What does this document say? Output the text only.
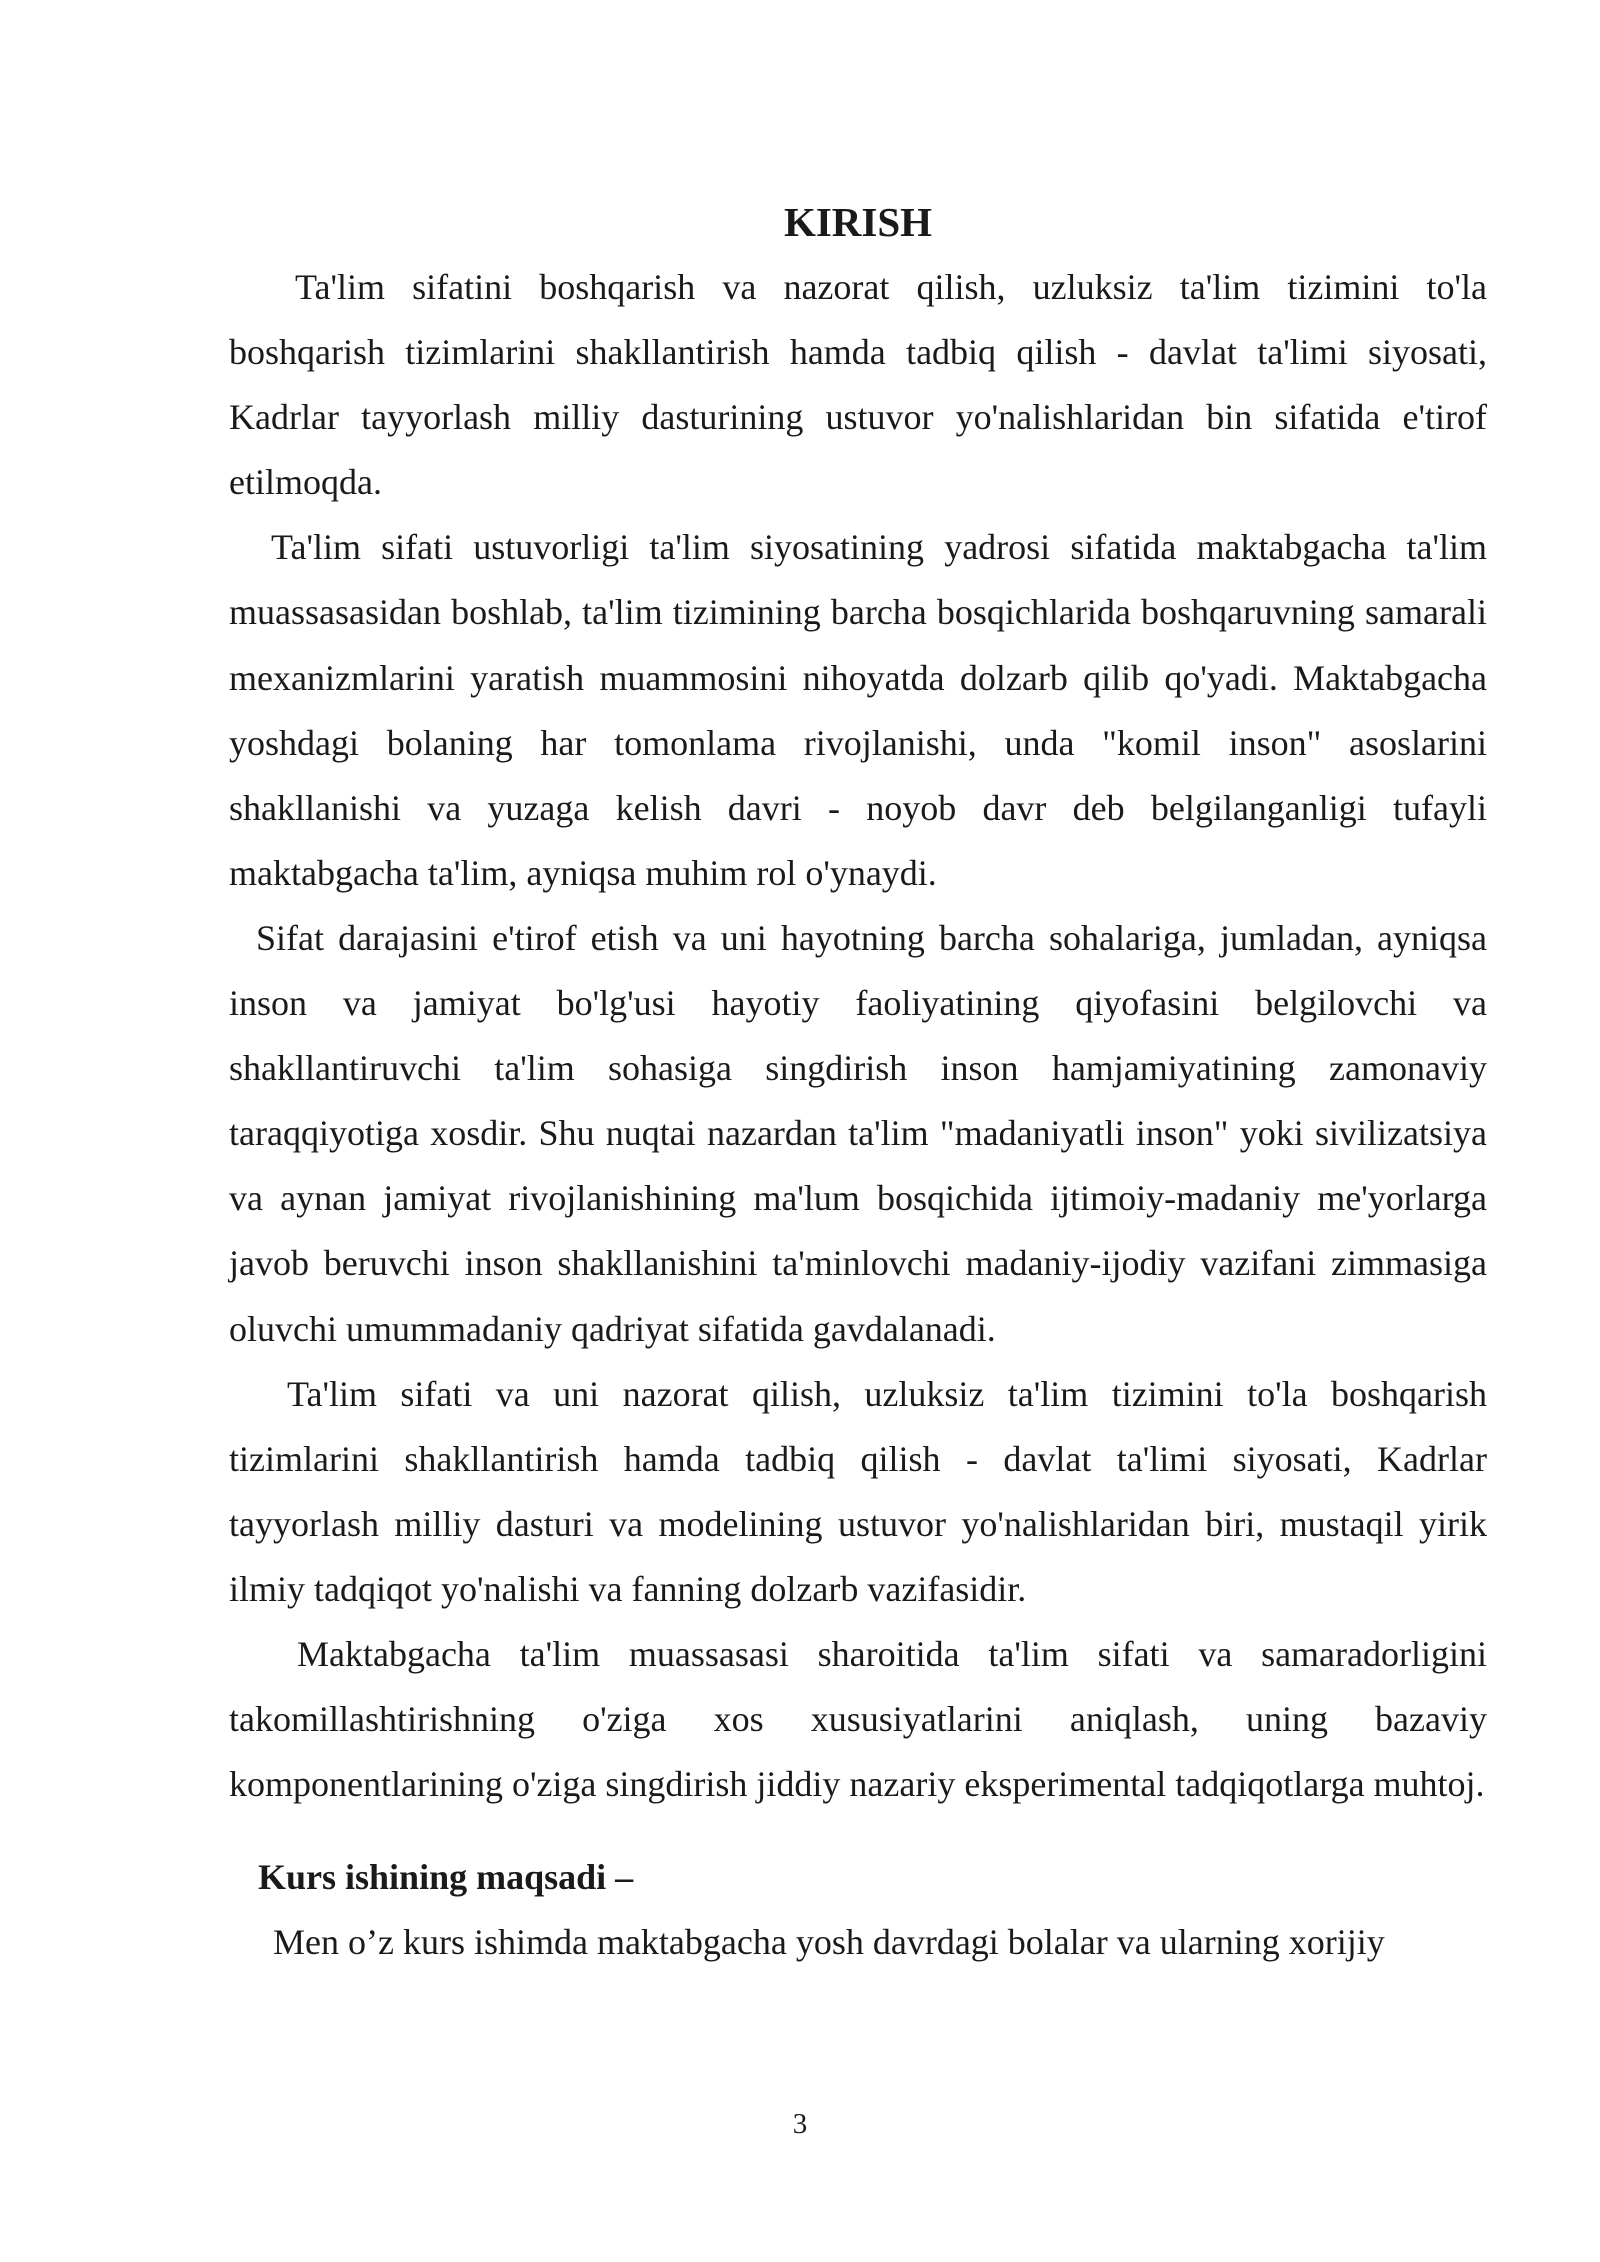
KIRISH

Ta'lim sifatini boshqarish va nazorat qilish, uzluksiz ta'lim tizimini to'la boshqarish tizimlarini shakllantirish hamda tadbiq qilish - davlat ta'limi siyosati, Kadrlar tayyorlash milliy dasturining ustuvor yo'nalishlaridan bin sifatida e'tirof etilmoqda.

Ta'lim sifati ustuvorligi ta'lim siyosatining yadrosi sifatida maktabgacha ta'lim muassasasidan boshlab, ta'lim tizimining barcha bosqichlarida boshqaruvning samarali mexanizmlarini yaratish muammosini nihoyatda dolzarb qilib qo'yadi. Maktabgacha yoshdagi bolaning har tomonlama rivojlanishi, unda "komil inson" asoslarini shakllanishi va yuzaga kelish davri - noyob davr deb belgilanganligi tufayli maktabgacha ta'lim, ayniqsa muhim rol o'ynaydi.

Sifat darajasini e'tirof etish va uni hayotning barcha sohalariga, jumladan, ayniqsa inson va jamiyat bo'lg'usi hayotiy faoliyatining qiyofasini belgilovchi va shakllantiruvchi ta'lim sohasiga singdirish inson hamjamiyatining zamonaviy taraqqiyotiga xosdir. Shu nuqtai nazardan ta'lim "madaniyatli inson" yoki sivilizatsiya va aynan jamiyat rivojlanishining ma'lum bosqichida ijtimoiy-madaniy me'yorlarga javob beruvchi inson shakllanishini ta'minlovchi madaniy-ijodiy vazifani zimmasiga oluvchi umummadaniy qadriyat sifatida gavdalanadi.

Ta'lim sifati va uni nazorat qilish, uzluksiz ta'lim tizimini to'la boshqarish tizimlarini shakllantirish hamda tadbiq qilish - davlat ta'limi siyosati, Kadrlar tayyorlash milliy dasturi va modelining ustuvor yo'nalishlaridan biri, mustaqil yirik ilmiy tadqiqot yo'nalishi va fanning dolzarb vazifasidir.

Maktabgacha ta'lim muassasasi sharoitida ta'lim sifati va samaradorligini takomillashtirishning o'ziga xos xususiyatlarini aniqlash, uning bazaviy komponentlarining o'ziga singdirish jiddiy nazariy eksperimental tadqiqotlarga muhtoj.

Kurs ishining maqsadi –

Men o’z kurs ishimda maktabgacha yosh davrdagi bolalar va ularning xorijiy

3
